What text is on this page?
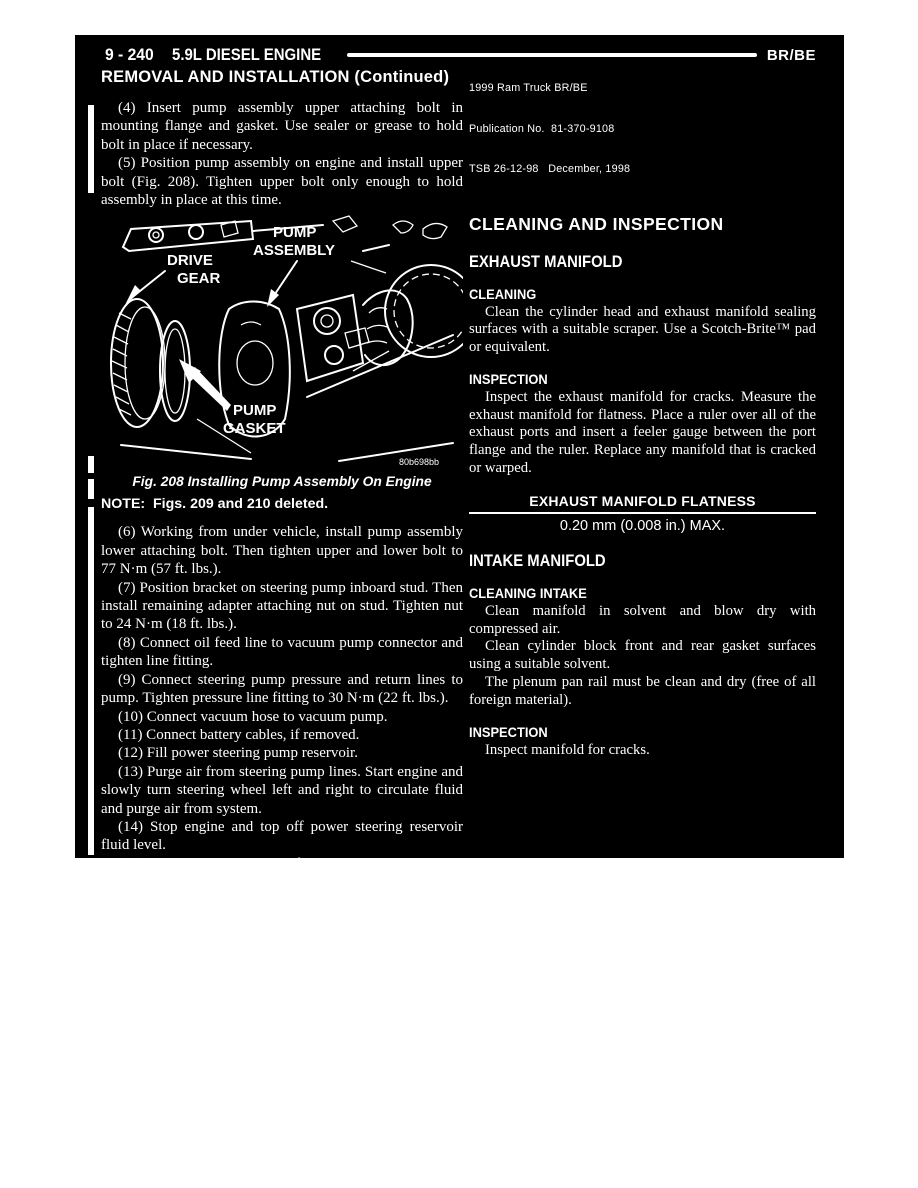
9 - 240 5.9L DIESEL ENGINE	BR/BE
REMOVAL AND INSTALLATION (Continued)

(4) Insert pump assembly upper attaching bolt in mounting flange and gasket. Use sealer or grease to hold bolt in place if necessary.

(5) Position pump assembly on engine and install upper bolt (Fig. 208). Tighten upper bolt only enough to hold assembly in place at this time.

DRIVE
GEAR
PUMP
ASSEMBLY
PUMP
GASKET
80b698bb
Fig. 208 Installing Pump Assembly On Engine
NOTE:  Figs. 209 and 210 deleted.

(6) Working from under vehicle, install pump assembly lower attaching bolt. Then tighten upper and lower bolt to 77 N·m (57 ft. lbs.).

(7) Position bracket on steering pump inboard stud. Then install remaining adapter attaching nut on stud. Tighten nut to 24 N·m (18 ft. lbs.).

(8) Connect oil feed line to vacuum pump connector and tighten line fitting.

(9) Connect steering pump pressure and return lines to pump. Tighten pressure line fitting to 30 N·m (22 ft. lbs.).

(10) Connect vacuum hose to vacuum pump.

(11) Connect battery cables, if removed.

(12) Fill power steering pump reservoir.

(13) Purge air from steering pump lines. Start engine and slowly turn steering wheel left and right to circulate fluid and purge air from system.

(14) Stop engine and top off power steering reservoir fluid level.

(15) Start engine and verify that steering action is correct. Do this before moving vehicle.

1999 Ram Truck BR/BE

Publication No.  81-370-9108

TSB 26-12-98   December, 1998

CLEANING AND INSPECTION
EXHAUST MANIFOLD
CLEANING

Clean the cylinder head and exhaust manifold sealing surfaces with a suitable scraper. Use a Scotch-Brite™ pad or equivalent.

INSPECTION

Inspect the exhaust manifold for cracks. Measure the exhaust manifold for flatness. Place a ruler over all of the exhaust ports and insert a feeler gauge between the port flange and the ruler. Replace any manifold that is cracked or warped.

EXHAUST MANIFOLD FLATNESS
0.20 mm (0.008 in.) MAX.
INTAKE MANIFOLD
CLEANING INTAKE

Clean manifold in solvent and blow dry with compressed air.

Clean cylinder block front and rear gasket surfaces using a suitable solvent.

The plenum pan rail must be clean and dry (free of all foreign material).

INSPECTION

Inspect manifold for cracks.
